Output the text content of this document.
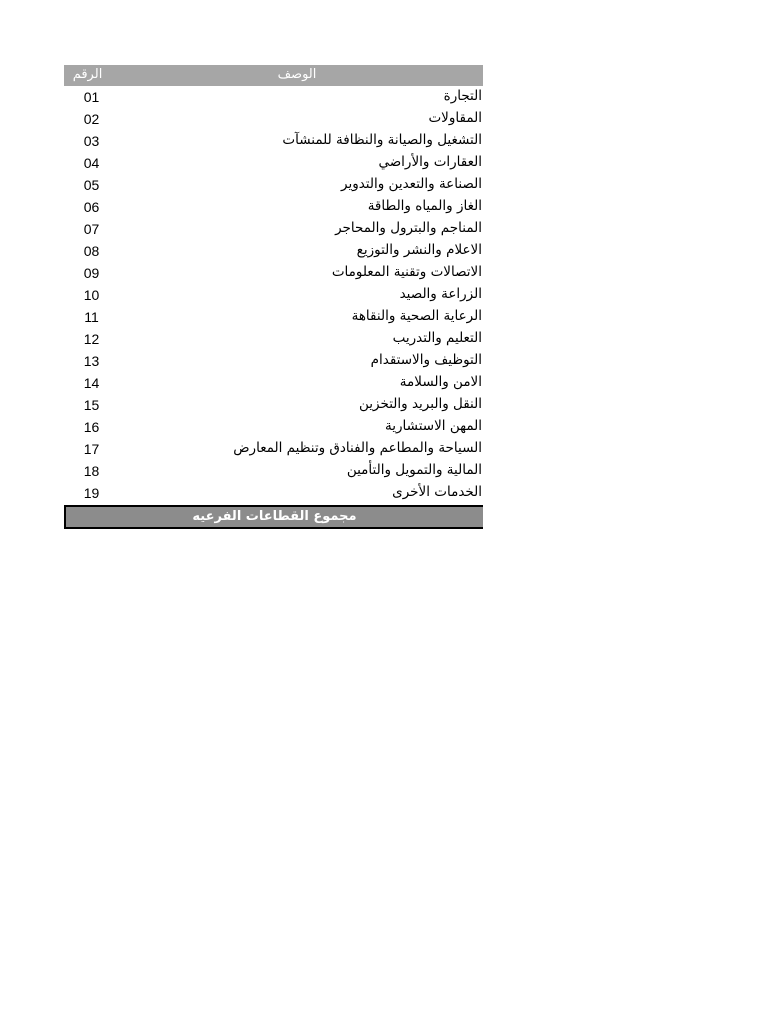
الرقم	الوصف
01	التجارة
02	المقاولات
03	التشغيل والصيانة والنظافة للمنشآت
04	العقارات والأراضي
05	الصناعة والتعدين والتدوير
06	الغاز والمياه والطاقة
07	المناجم والبترول والمحاجر
08	الاعلام والنشر والتوزيع
09	الاتصالات وتقنية المعلومات
10	الزراعة والصيد
11	الرعاية الصحية والنقاهة
12	التعليم والتدريب
13	التوظيف والاستقدام
14	الامن والسلامة
15	النقل والبريد والتخزين
16	المهن الاستشارية
17	السياحة والمطاعم والفنادق وتنظيم المعارض
18	المالية والتمويل والتأمين
19	الخدمات الأخرى
مجموع القطاعات الفرعيه
